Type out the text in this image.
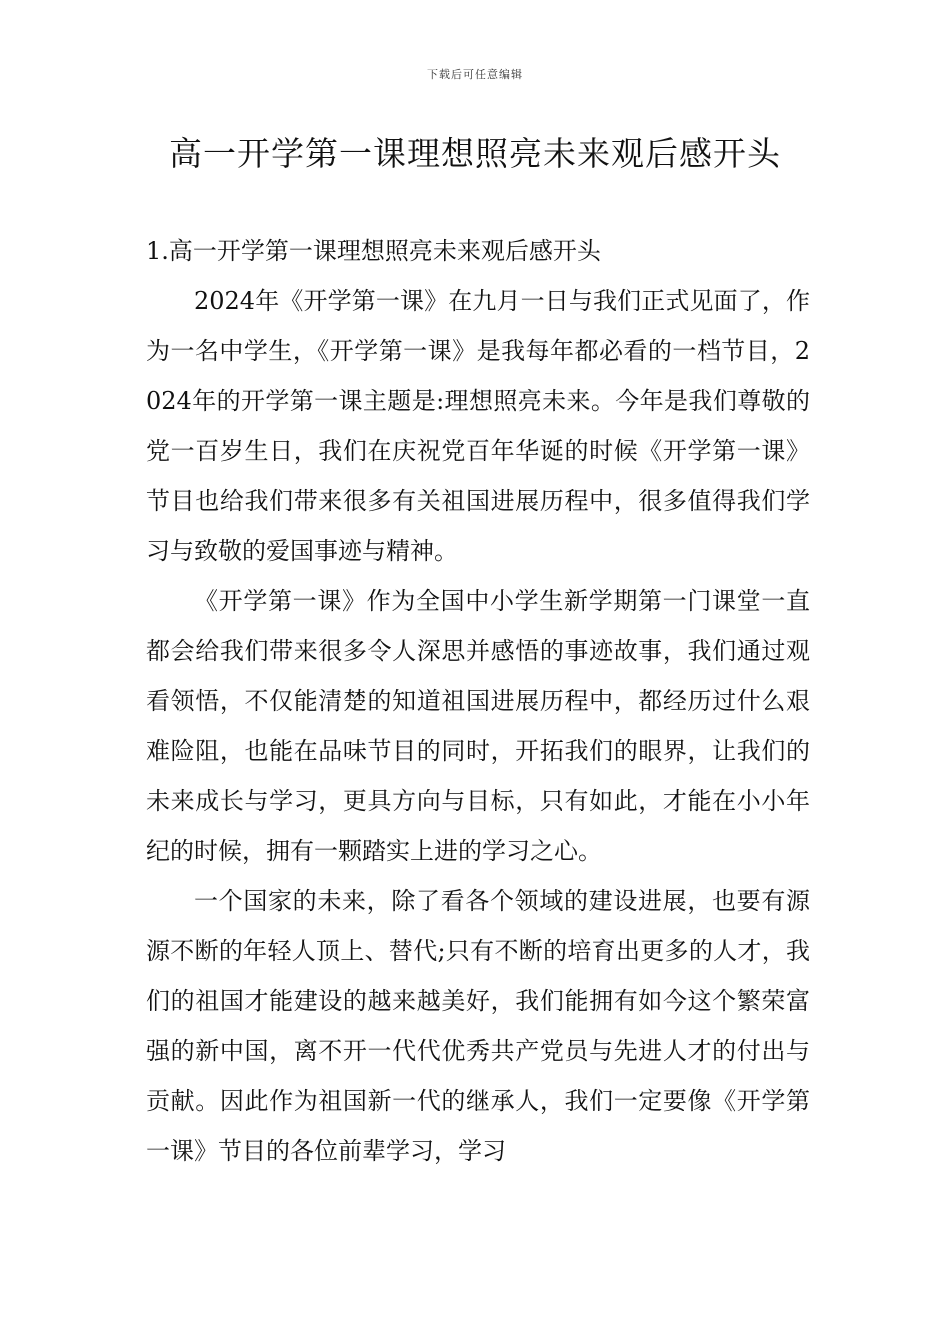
下载后可任意编辑
高一开学第一课理想照亮未来观后感开头

1.高一开学第一课理想照亮未来观后感开头

2024年《开学第一课》在九月一日与我们正式见面了，作为一名中学生，《开学第一课》是我每年都必看的一档节目，2024年的开学第一课主题是:理想照亮未来。今年是我们尊敬的党一百岁生日，我们在庆祝党百年华诞的时候《开学第一课》节目也给我们带来很多有关祖国进展历程中，很多值得我们学习与致敬的爱国事迹与精神。

《开学第一课》作为全国中小学生新学期第一门课堂一直都会给我们带来很多令人深思并感悟的事迹故事，我们通过观看领悟，不仅能清楚的知道祖国进展历程中，都经历过什么艰难险阻，也能在品味节目的同时，开拓我们的眼界，让我们的未来成长与学习，更具方向与目标，只有如此，才能在小小年纪的时候，拥有一颗踏实上进的学习之心。

一个国家的未来，除了看各个领域的建设进展，也要有源源不断的年轻人顶上、替代;只有不断的培育出更多的人才，我们的祖国才能建设的越来越美好，我们能拥有如今这个繁荣富强的新中国，离不开一代代优秀共产党员与先进人才的付出与贡献。因此作为祖国新一代的继承人，我们一定要像《开学第一课》节目的各位前辈学习，学习
